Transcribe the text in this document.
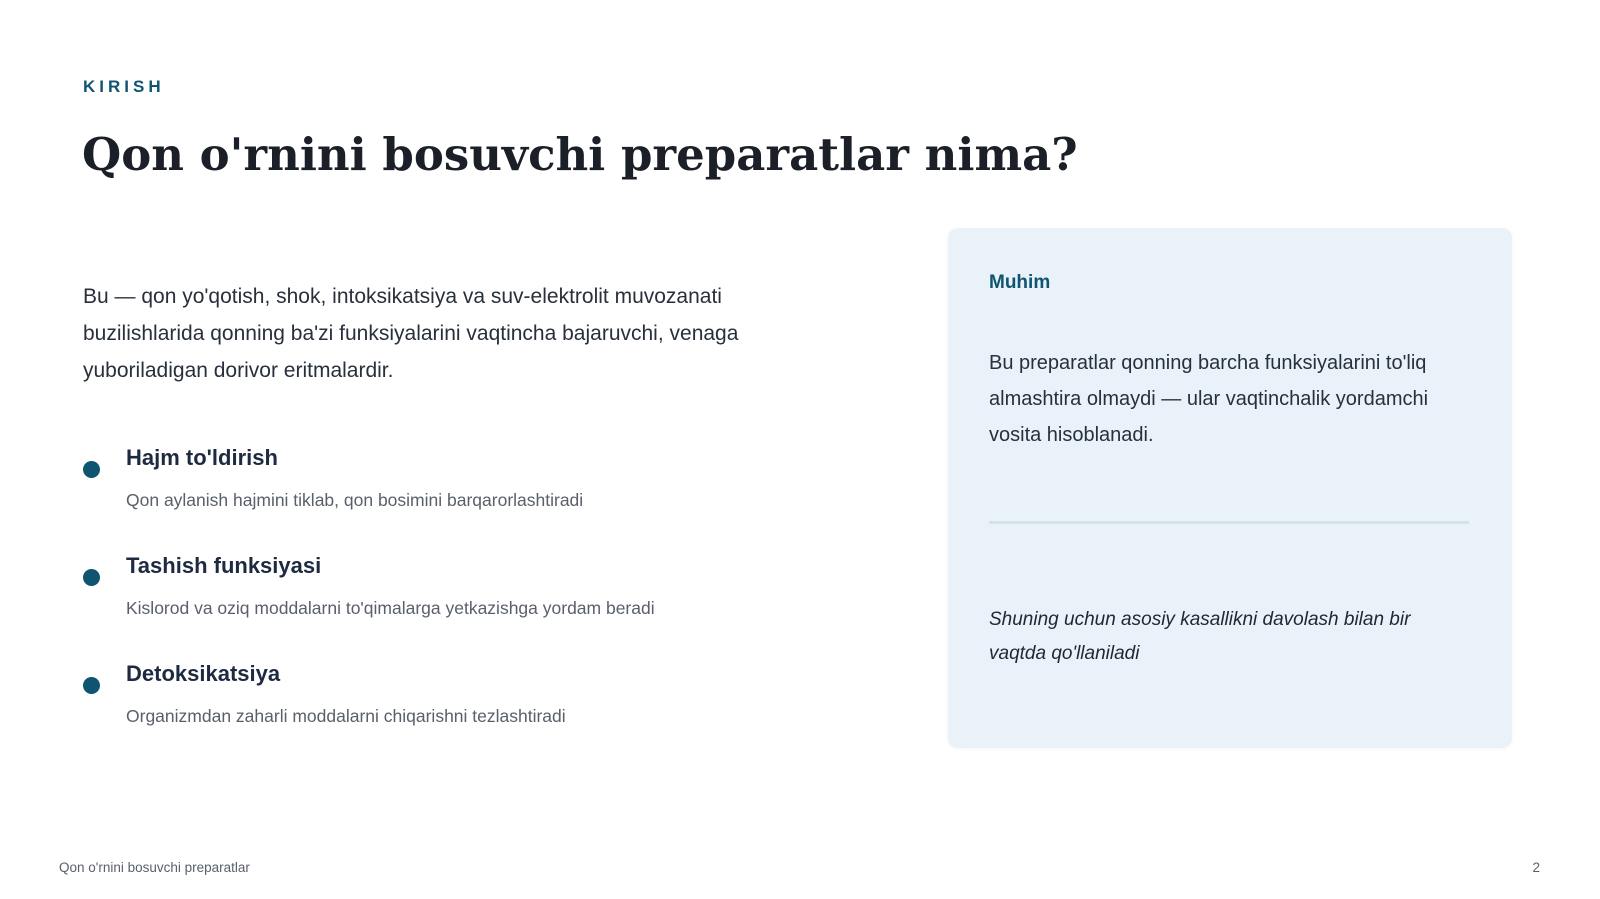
KIRISH
Qon o'rnini bosuvchi preparatlar nima?

Bu — qon yo'qotish, shok, intoksikatsiya va suv-elektrolit muvozanati buzilishlarida qonning ba'zi funksiyalarini vaqtincha bajaruvchi, venaga yuboriladigan dorivor eritmalardir.

Hajm to'ldirish
Qon aylanish hajmini tiklab, qon bosimini barqarorlashtiradi
Tashish funksiyasi
Kislorod va oziq moddalarni to'qimalarga yetkazishga yordam beradi
Detoksikatsiya
Organizmdan zaharli moddalarni chiqarishni tezlashtiradi
Muhim

Bu preparatlar qonning barcha funksiyalarini to'liq almashtira olmaydi — ular vaqtinchalik yordamchi vosita hisoblanadi.

Shuning uchun asosiy kasallikni davolash bilan bir vaqtda qo'llaniladi

Qon o'rnini bosuvchi preparatlar	2
